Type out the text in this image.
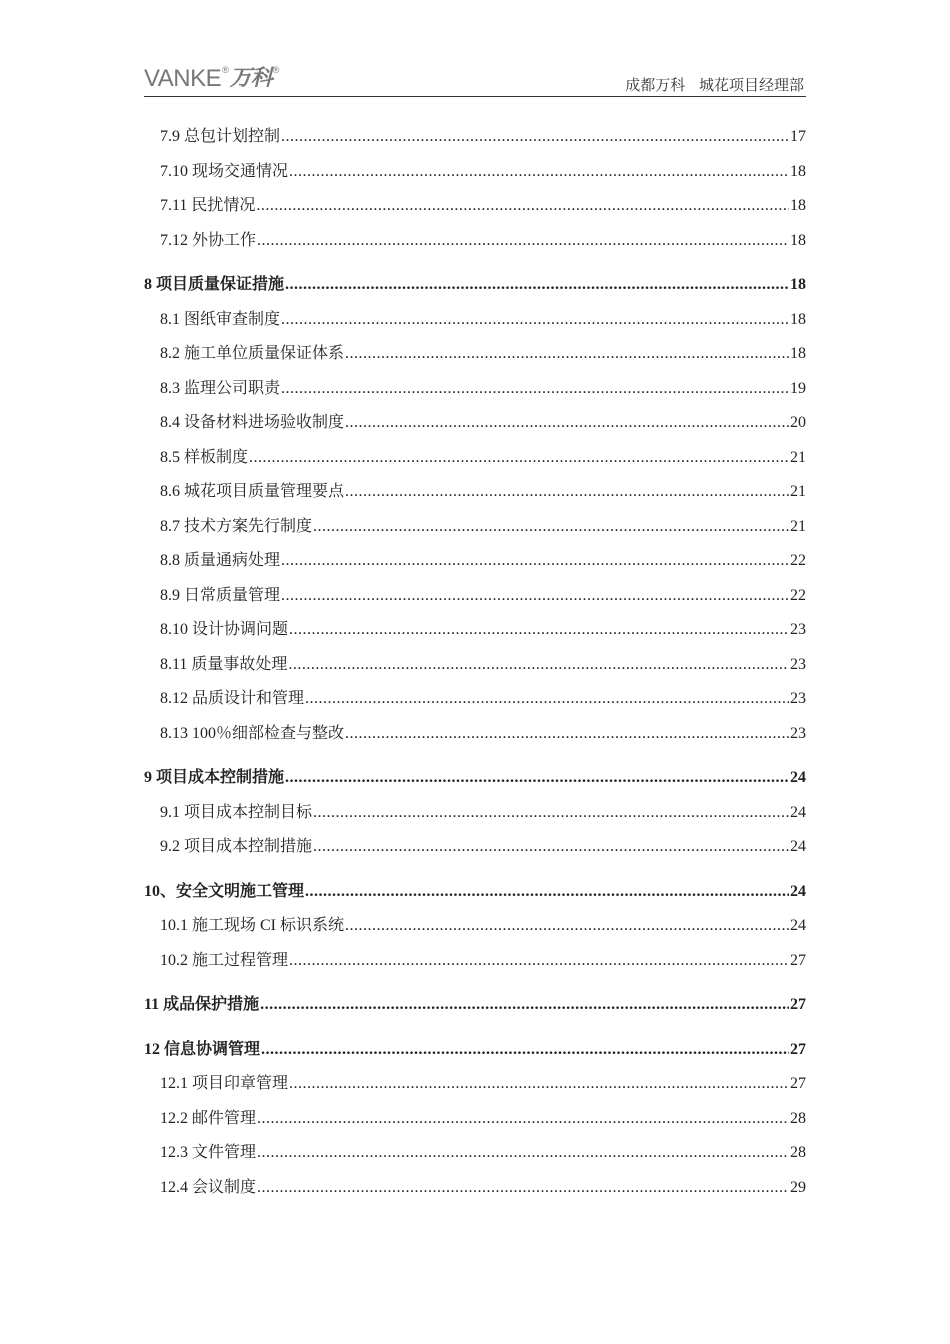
VANKE ® 万科 ®
成都万科 城花项目经理部
7.9 总包计划控制 .....	17
7.10 现场交通情况 .....	18
7.11 民扰情况 .....	18
7.12 外协工作 .....	18
8 项目质量保证措施 .....	18
8.1 图纸审查制度 .....	18
8.2 施工单位质量保证体系 .....	18
8.3 监理公司职责 .....	19
8.4 设备材料进场验收制度 .....	20
8.5 样板制度 .....	21
8.6 城花项目质量管理要点 .....	21
8.7 技术方案先行制度 .....	21
8.8 质量通病处理 .....	22
8.9 日常质量管理 .....	22
8.10 设计协调问题 .....	23
8.11 质量事故处理 .....	23
8.12 品质设计和管理 .....	23
8.13 100％细部检查与整改 .....	23
9 项目成本控制措施 .....	24
9.1 项目成本控制目标 .....	24
9.2 项目成本控制措施 .....	24
10、安全文明施工管理 .....	24
10.1 施工现场 CI 标识系统 .....	24
10.2 施工过程管理 .....	27
11 成品保护措施 .....	27
12 信息协调管理 .....	27
12.1 项目印章管理 .....	27
12.2 邮件管理 .....	28
12.3 文件管理 .....	28
12.4 会议制度 .....	29
